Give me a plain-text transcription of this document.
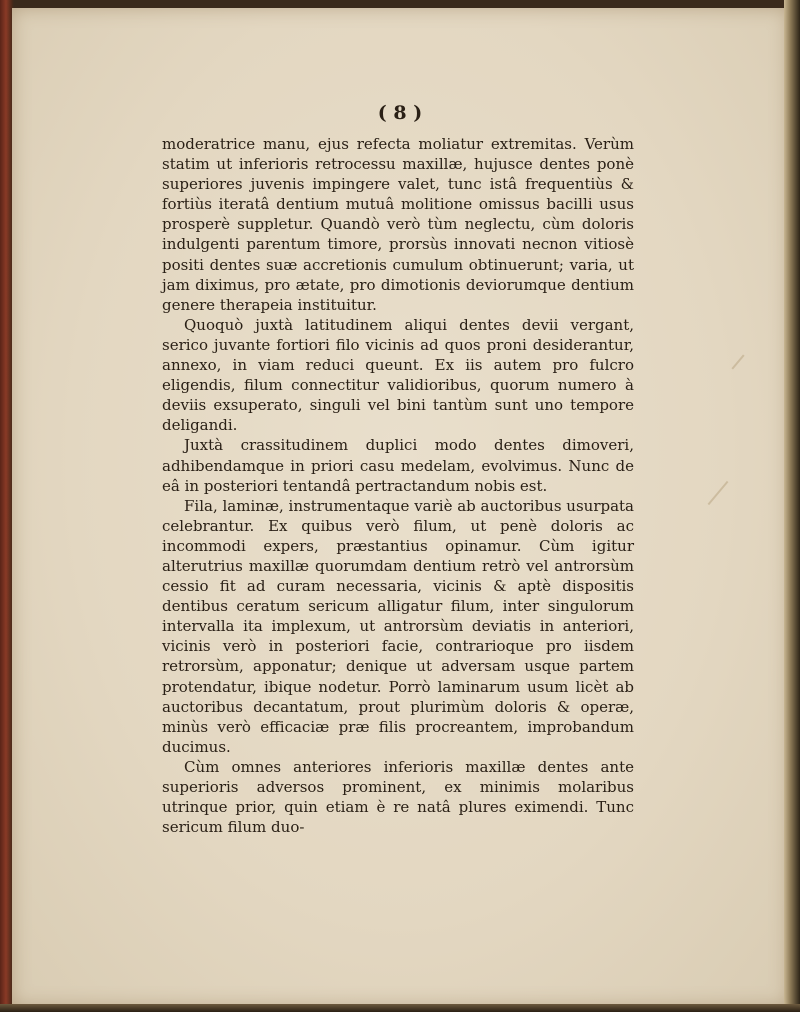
( 8 )

moderatrice manu, ejus refecta moliatur extremitas. Verùm statim ut inferioris retrocessu maxillæ, hujusce dentes ponè superiores juvenis impingere valet, tunc istâ frequentiùs & fortiùs iteratâ dentium mutuâ molitione omissus bacilli usus prosperè suppletur. Quandò verò tùm neglectu, cùm doloris indulgenti parentum timore, prorsùs innovati necnon vitiosè positi dentes suæ accretionis cumulum obtinuerunt; varia, ut jam diximus, pro ætate, pro dimotionis deviorumque dentium genere therapeia instituitur.

Quoquò juxtà latitudinem aliqui dentes devii vergant, serico juvante fortiori filo vicinis ad quos proni desiderantur, annexo, in viam reduci queunt. Ex iis autem pro fulcro eligendis, filum connectitur validioribus, quorum numero à deviis exsuperato, singuli vel bini tantùm sunt uno tempore deligandi.

Juxtà crassitudinem duplici modo dentes dimoveri, adhibendamque in priori casu medelam, evolvimus. Nunc de eâ in posteriori tentandâ pertractandum nobis est.

Fila, laminæ, instrumentaque variè ab auctoribus usurpata celebrantur. Ex quibus verò filum, ut penè doloris ac incommodi expers, præstantius opinamur. Cùm igitur alterutrius maxillæ quorumdam dentium retrò vel antrorsùm cessio fit ad curam necessaria, vicinis & aptè dispositis dentibus ceratum sericum alligatur filum, inter singulorum intervalla ita implexum, ut antrorsùm deviatis in anteriori, vicinis verò in posteriori facie, contrarioque pro iisdem retrorsùm, apponatur; denique ut adversam usque partem protendatur, ibique nodetur. Porrò laminarum usum licèt ab auctoribus decantatum, prout plurimùm doloris & operæ, minùs verò efficaciæ præ filis procreantem, improbandum ducimus.

Cùm omnes anteriores inferioris maxillæ dentes ante superioris adversos prominent, ex minimis molaribus utrinque prior, quin etiam è re natâ plures eximendi. Tunc sericum filum duo-
